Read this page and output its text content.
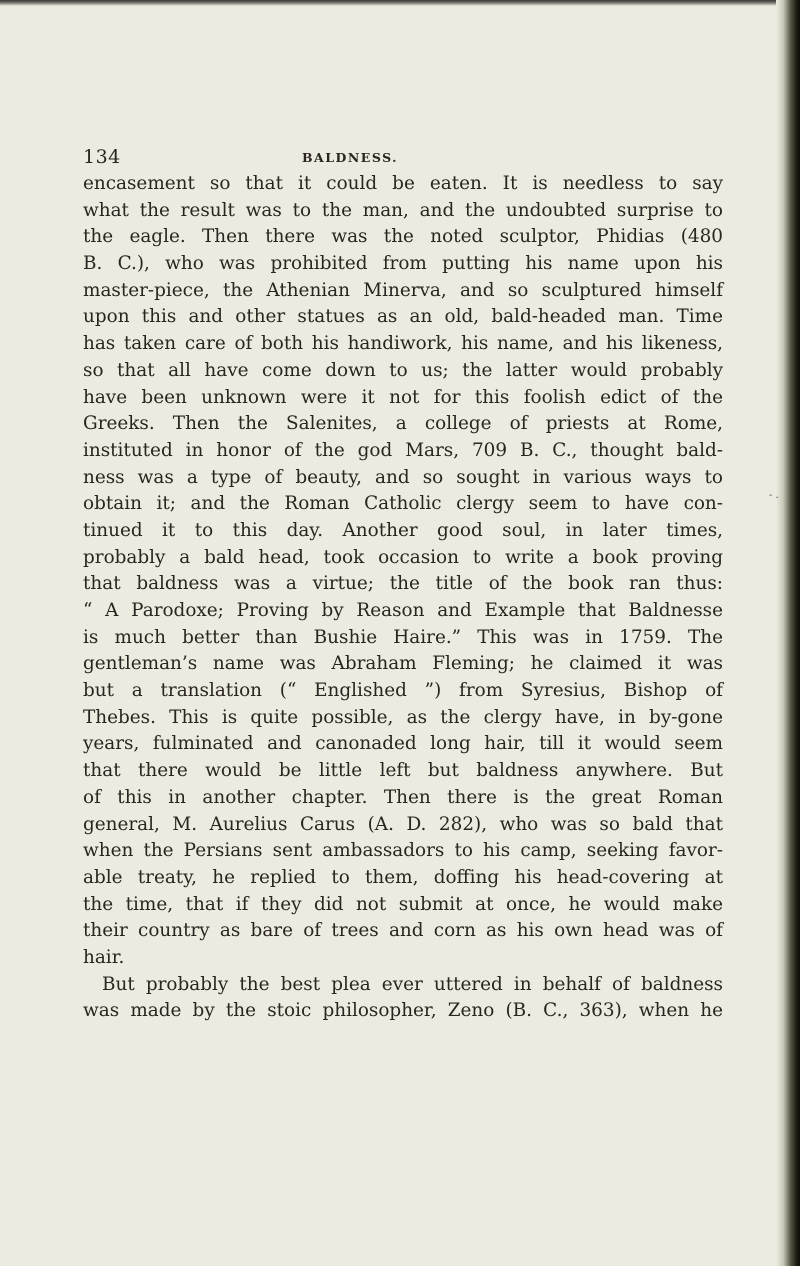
134	BALDNESS.
encasement so that it could be eaten. It is needless to say
what the result was to the man, and the undoubted surprise to
the eagle. Then there was the noted sculptor, Phidias (480
B. C.), who was prohibited from putting his name upon his
master-piece, the Athenian Minerva, and so sculptured himself
upon this and other statues as an old, bald-headed man. Time
has taken care of both his handiwork, his name, and his likeness,
so that all have come down to us; the latter would probably
have been unknown were it not for this foolish edict of the
Greeks. Then the Salenites, a college of priests at Rome,
instituted in honor of the god Mars, 709 B. C., thought bald-
ness was a type of beauty, and so sought in various ways to
obtain it; and the Roman Catholic clergy seem to have con-
tinued it to this day. Another good soul, in later times,
probably a bald head, took occasion to write a book proving
that baldness was a virtue; the title of the book ran thus:
“ A Parodoxe; Proving by Reason and Example that Baldnesse
is much better than Bushie Haire.” This was in 1759. The
gentleman’s name was Abraham Fleming; he claimed it was
but a translation (“ Englished ”) from Syresius, Bishop of
Thebes. This is quite possible, as the clergy have, in by-gone
years, fulminated and canonaded long hair, till it would seem
that there would be little left but baldness anywhere. But
of this in another chapter. Then there is the great Roman
general, M. Aurelius Carus (A. D. 282), who was so bald that
when the Persians sent ambassadors to his camp, seeking favor-
able treaty, he replied to them, doffing his head-covering at
the time, that if they did not submit at once, he would make
their country as bare of trees and corn as his own head was of
hair.
But probably the best plea ever uttered in behalf of baldness
was made by the stoic philosopher, Zeno (B. C., 363), when he
- .
